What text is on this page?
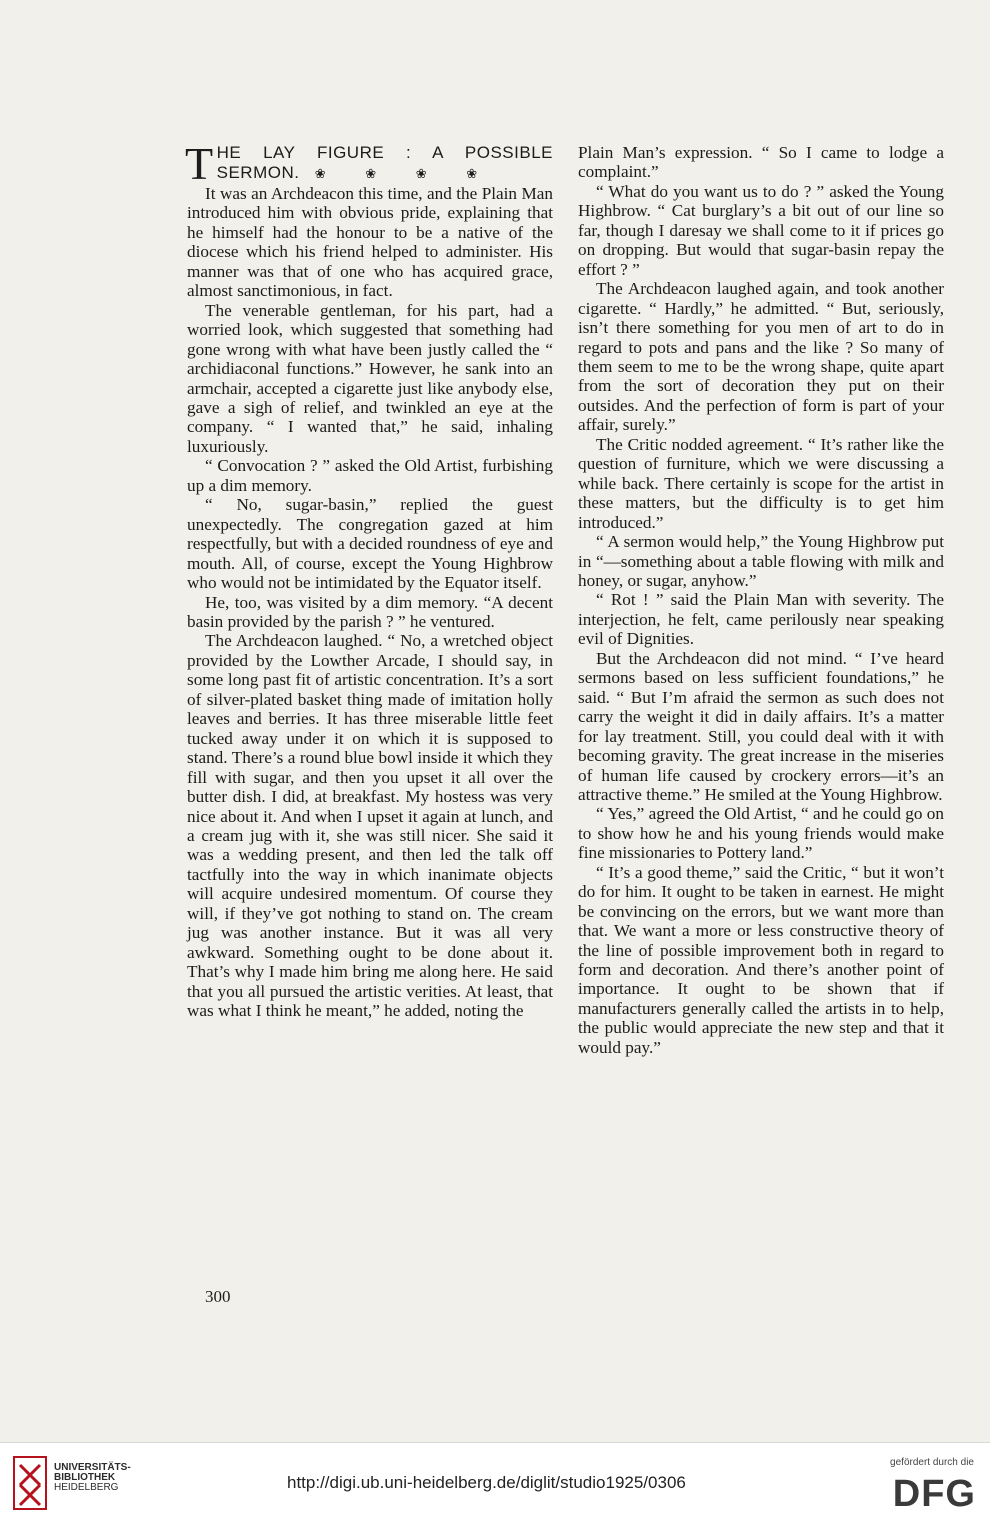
THE LAY FIGURE : A POSSIBLE SERMON. ❀ ❀ ❀ ❀

It was an Archdeacon this time, and the Plain Man introduced him with obvious pride, explaining that he himself had the honour to be a native of the diocese which his friend helped to administer. His manner was that of one who has acquired grace, almost sanctimonious, in fact.

The venerable gentleman, for his part, had a worried look, which suggested that something had gone wrong with what have been justly called the “ archidiaconal functions.” However, he sank into an armchair, accepted a cigarette just like anybody else, gave a sigh of relief, and twinkled an eye at the company. “ I wanted that,” he said, inhaling luxuriously.

“ Convocation ? ” asked the Old Artist, furbishing up a dim memory.

“ No, sugar-basin,” replied the guest unexpectedly. The congregation gazed at him respectfully, but with a decided roundness of eye and mouth. All, of course, except the Young Highbrow who would not be intimidated by the Equator itself.

He, too, was visited by a dim memory. “A decent basin provided by the parish ? ” he ventured.

The Archdeacon laughed. “ No, a wretched object provided by the Lowther Arcade, I should say, in some long past fit of artistic concentration. It’s a sort of silver-plated basket thing made of imitation holly leaves and berries. It has three miserable little feet tucked away under it on which it is supposed to stand. There’s a round blue bowl inside it which they fill with sugar, and then you upset it all over the butter dish. I did, at breakfast. My hostess was very nice about it. And when I upset it again at lunch, and a cream jug with it, she was still nicer. She said it was a wedding present, and then led the talk off tactfully into the way in which inanimate objects will acquire undesired momentum. Of course they will, if they’ve got nothing to stand on. The cream jug was another instance. But it was all very awkward. Something ought to be done about it. That’s why I made him bring me along here. He said that you all pursued the artistic verities. At least, that was what I think he meant,” he added, noting the

Plain Man’s expression. “ So I came to lodge a complaint.”

“ What do you want us to do ? ” asked the Young Highbrow. “ Cat burglary’s a bit out of our line so far, though I daresay we shall come to it if prices go on dropping. But would that sugar-basin repay the effort ? ”

The Archdeacon laughed again, and took another cigarette. “ Hardly,” he admitted. “ But, seriously, isn’t there something for you men of art to do in regard to pots and pans and the like ? So many of them seem to me to be the wrong shape, quite apart from the sort of decoration they put on their outsides. And the perfection of form is part of your affair, surely.”

The Critic nodded agreement. “ It’s rather like the question of furniture, which we were discussing a while back. There certainly is scope for the artist in these matters, but the difficulty is to get him introduced.”

“ A sermon would help,” the Young Highbrow put in “—something about a table flowing with milk and honey, or sugar, anyhow.”

“ Rot ! ” said the Plain Man with severity. The interjection, he felt, came perilously near speaking evil of Dignities.

But the Archdeacon did not mind. “ I’ve heard sermons based on less sufficient foundations,” he said. “ But I’m afraid the sermon as such does not carry the weight it did in daily affairs. It’s a matter for lay treatment. Still, you could deal with it with becoming gravity. The great increase in the miseries of human life caused by crockery errors—it’s an attractive theme.” He smiled at the Young Highbrow.

“ Yes,” agreed the Old Artist, “ and he could go on to show how he and his young friends would make fine missionaries to Pottery land.”

“ It’s a good theme,” said the Critic, “ but it won’t do for him. It ought to be taken in earnest. He might be convincing on the errors, but we want more than that. We want a more or less constructive theory of the line of possible improvement both in regard to form and decoration. And there’s another point of importance. It ought to be shown that if manufacturers generally called the artists in to help, the public would appreciate the new step and that it would pay.”

300
UNIVERSITÄTS-
BIBLIOTHEK
HEIDELBERG	http://digi.ub.uni-heidelberg.de/diglit/studio1925/0306
gefördert durch die
DFG
